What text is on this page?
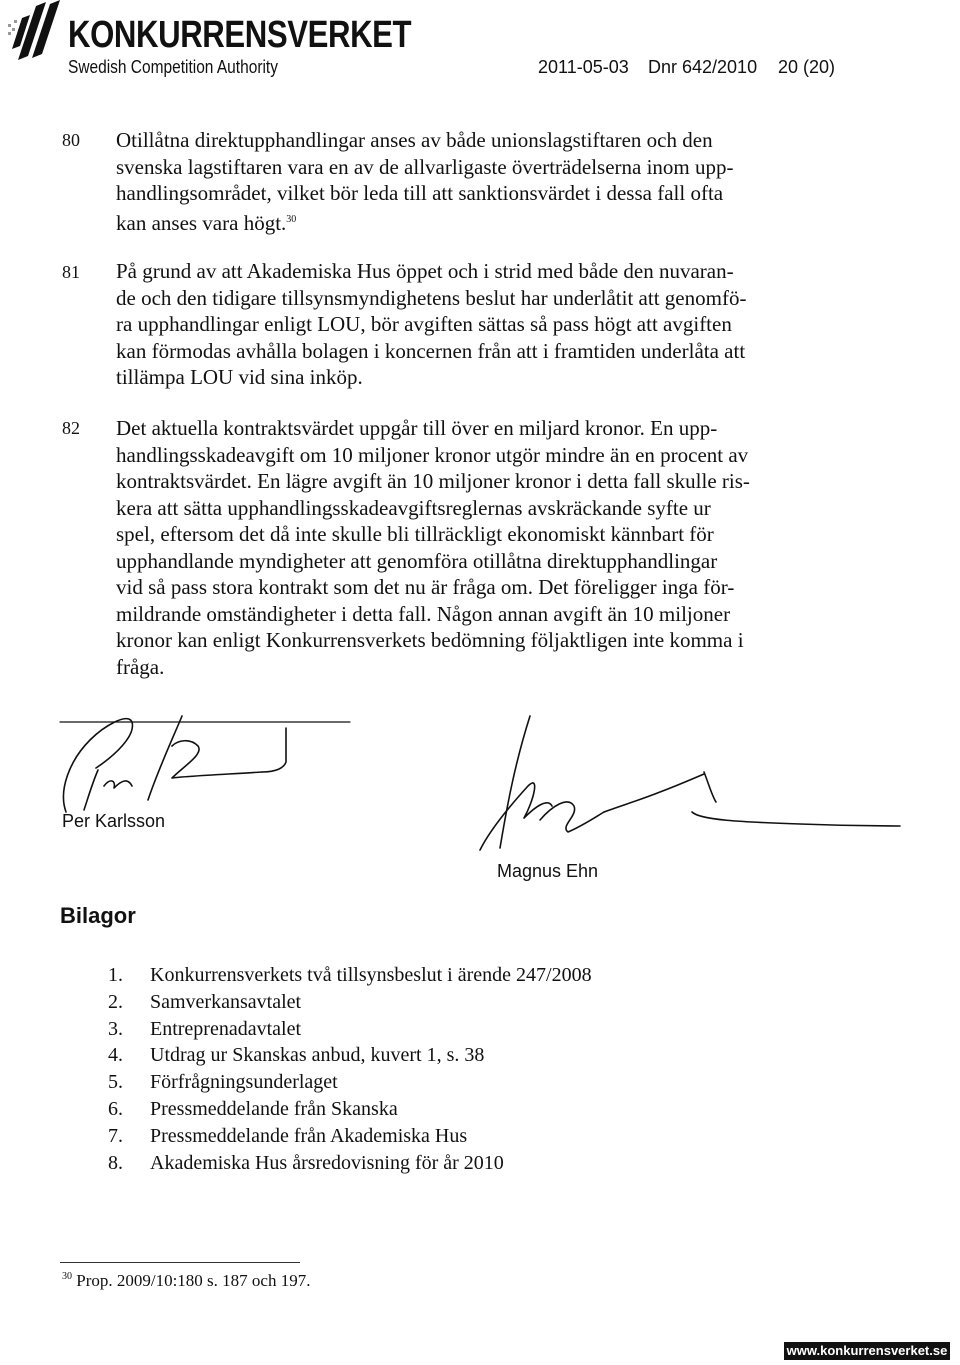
KONKURRENSVERKET
Swedish Competition Authority	2011-05-03 Dnr 642/2010 20 (20)
80 Otillåtna direktupphandlingar anses av både unionslagstiftaren och den
svenska lagstiftaren vara en av de allvarligaste överträdelserna inom upp-
handlingsområdet, vilket bör leda till att sanktionsvärdet i dessa fall ofta
kan anses vara högt.$^{30}$
81 På grund av att Akademiska Hus öppet och i strid med både den nuvaran-
de och den tidigare tillsynsmyndighetens beslut har underlåtit att genomfö-
ra upphandlingar enligt LOU, bör avgiften sättas så pass högt att avgiften
kan förmodas avhålla bolagen i koncernen från att i framtiden underlåta att
tillämpa LOU vid sina inköp.
82 Det aktuella kontraktsvärdet uppgår till över en miljard kronor. En upp-
handlingsskadeavgift om 10 miljoner kronor utgör mindre än en procent av
kontraktsvärdet. En lägre avgift än 10 miljoner kronor i detta fall skulle ris-
kera att sätta upphandlingsskadeavgiftsreglernas avskräckande syfte ur
spel, eftersom det då inte skulle bli tillräckligt ekonomiskt kännbart för
upphandlande myndigheter att genomföra otillåtna direktupphandlingar
vid så pass stora kontrakt som det nu är fråga om. Det föreligger inga för-
mildrande omständigheter i detta fall. Någon annan avgift än 10 miljoner
kronor kan enligt Konkurrensverkets bedömning följaktligen inte komma i
fråga.
Per Karlsson
Magnus Ehn
Bilagor
1.	Konkurrensverkets två tillsynsbeslut i ärende 247/2008
2.	Samverkansavtalet
3.	Entreprenadavtalet
4.	Utdrag ur Skanskas anbud, kuvert 1, s. 38
5.	Förfrågningsunderlaget
6.	Pressmeddelande från Skanska
7.	Pressmeddelande från Akademiska Hus
8.	Akademiska Hus årsredovisning för år 2010
$^{30}$ Prop. 2009/10:180 s. 187 och 197.
www.konkurrensverket.se
